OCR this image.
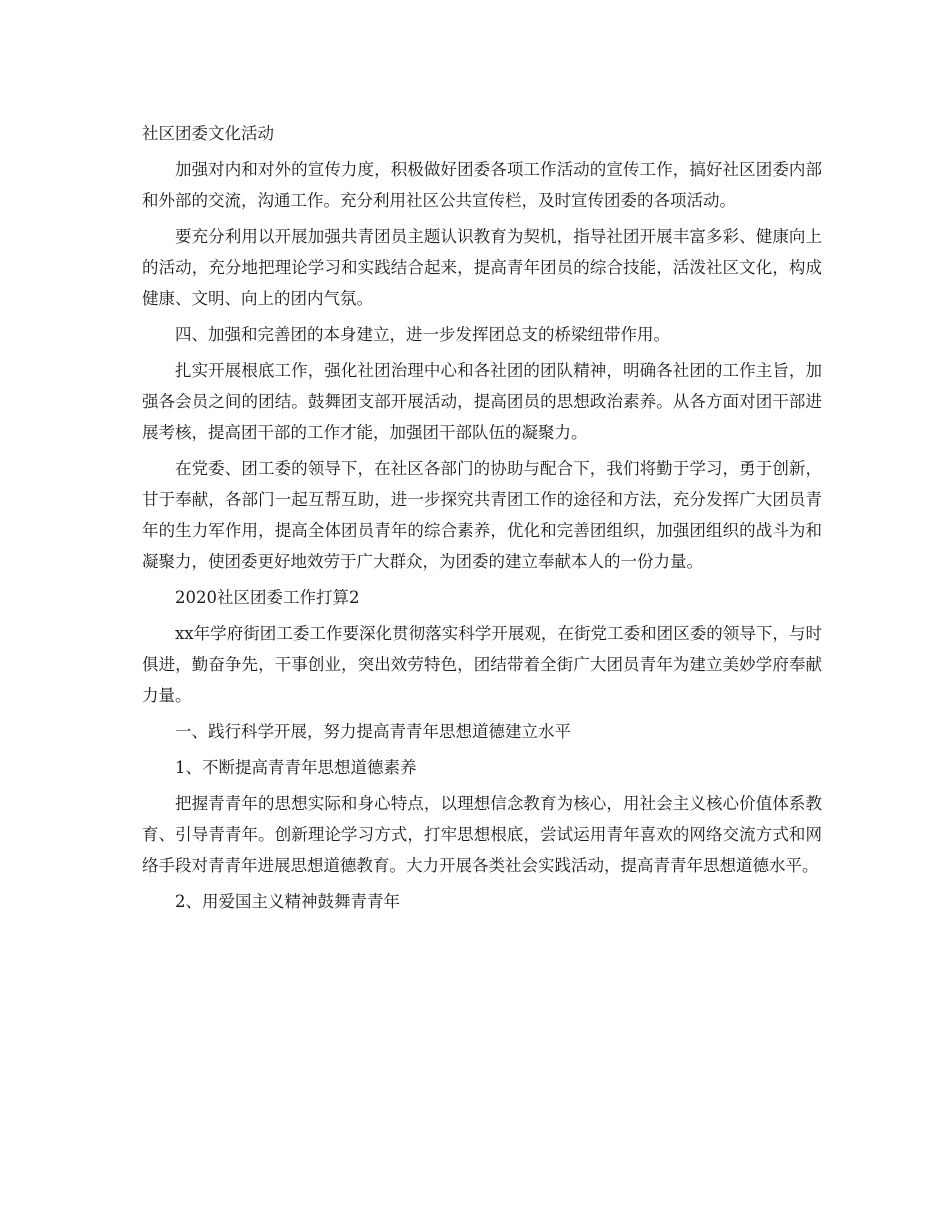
社区团委文化活动

加强对内和对外的宣传力度，积极做好团委各项工作活动的宣传工作，搞好社区团委内部和外部的交流，沟通工作。充分利用社区公共宣传栏，及时宣传团委的各项活动。

要充分利用以开展加强共青团员主题认识教育为契机，指导社团开展丰富多彩、健康向上的活动，充分地把理论学习和实践结合起来，提高青年团员的综合技能，活泼社区文化，构成健康、文明、向上的团内气氛。

四、加强和完善团的本身建立，进一步发挥团总支的桥梁纽带作用。

扎实开展根底工作，强化社团治理中心和各社团的团队精神，明确各社团的工作主旨，加强各会员之间的团结。鼓舞团支部开展活动，提高团员的思想政治素养。从各方面对团干部进展考核，提高团干部的工作才能，加强团干部队伍的凝聚力。

在党委、团工委的领导下，在社区各部门的协助与配合下，我们将勤于学习，勇于创新，甘于奉献，各部门一起互帮互助，进一步探究共青团工作的途径和方法，充分发挥广大团员青年的生力军作用，提高全体团员青年的综合素养，优化和完善团组织，加强团组织的战斗为和凝聚力，使团委更好地效劳于广大群众，为团委的建立奉献本人的一份力量。

2020社区团委工作打算2

xx年学府街团工委工作要深化贯彻落实科学开展观，在街党工委和团区委的领导下，与时俱进，勤奋争先，干事创业，突出效劳特色，团结带着全街广大团员青年为建立美妙学府奉献力量。

一、践行科学开展，努力提高青青年思想道德建立水平

1、不断提高青青年思想道德素养

把握青青年的思想实际和身心特点，以理想信念教育为核心，用社会主义核心价值体系教育、引导青青年。创新理论学习方式，打牢思想根底，尝试运用青年喜欢的网络交流方式和网络手段对青青年进展思想道德教育。大力开展各类社会实践活动，提高青青年思想道德水平。

2、用爱国主义精神鼓舞青青年
